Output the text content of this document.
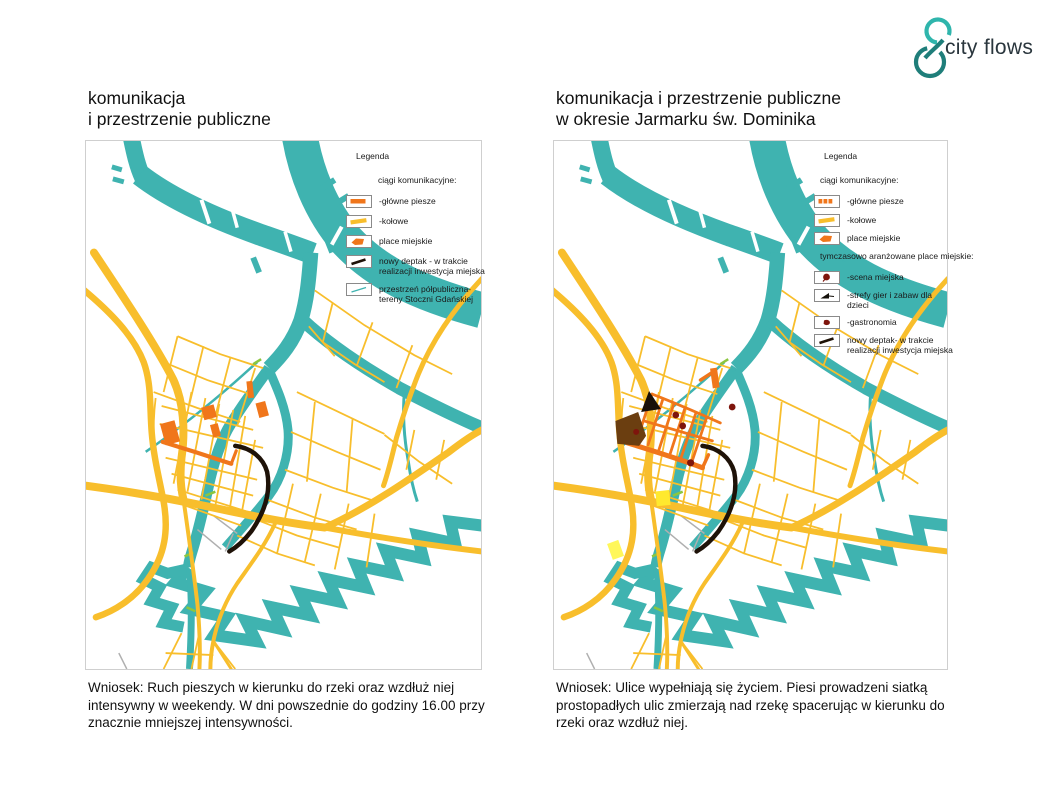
city flows
komunikacja
i przestrzenie publiczne
komunikacja i przestrzenie publiczne
w okresie Jarmarku św. Dominika
Legenda
ciągi komunikacyjne:
-główne piesze
-kołowe
place miejskie
nowy deptak - w trakcie realizacji inwestycja miejska
przestrzeń półpubliczna- tereny Stoczni Gdańskiej
Legenda
ciągi komunikacyjne:
-główne piesze
-kołowe
place miejskie
tymczasowo aranżowane place miejskie:
-scena miejska
-strefy gier i zabaw dla dzieci
-gastronomia
nowy deptak- w trakcie realizacji inwestycja miejska
Wniosek: Ruch pieszych w kierunku do rzeki oraz wzdłuż niej intensywny w weekendy. W dni powszednie do godziny 16.00 przy znacznie mniejszej intensywności.
Wniosek: Ulice wypełniają się życiem. Piesi prowadzeni siatką prostopadłych ulic zmierzają nad rzekę spacerując w kierunku do rzeki oraz wzdłuż niej.
